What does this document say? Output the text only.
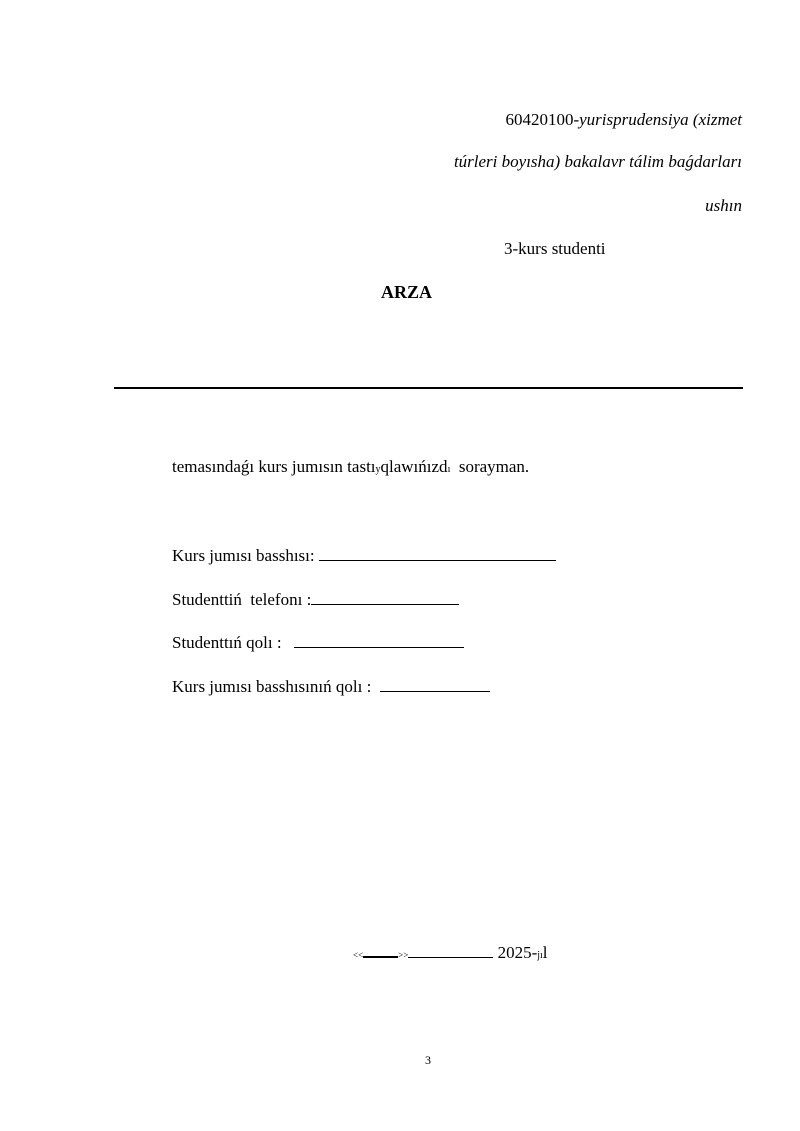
60420100-yurisprudensiya (xizmet
túrleri boyısha) bakalavr tálim baǵdarları
ushın
3-kurs studenti
ARZA
temasındaǵı kurs jumısın tastıyqlawıńızdı  sorayman.
Kurs jumısı basshısı:
Studenttiń  telefonı :
Studenttıń qolı :
Kurs jumısı basshısınıń qolı :
<<	>>	2025-jıl
3
